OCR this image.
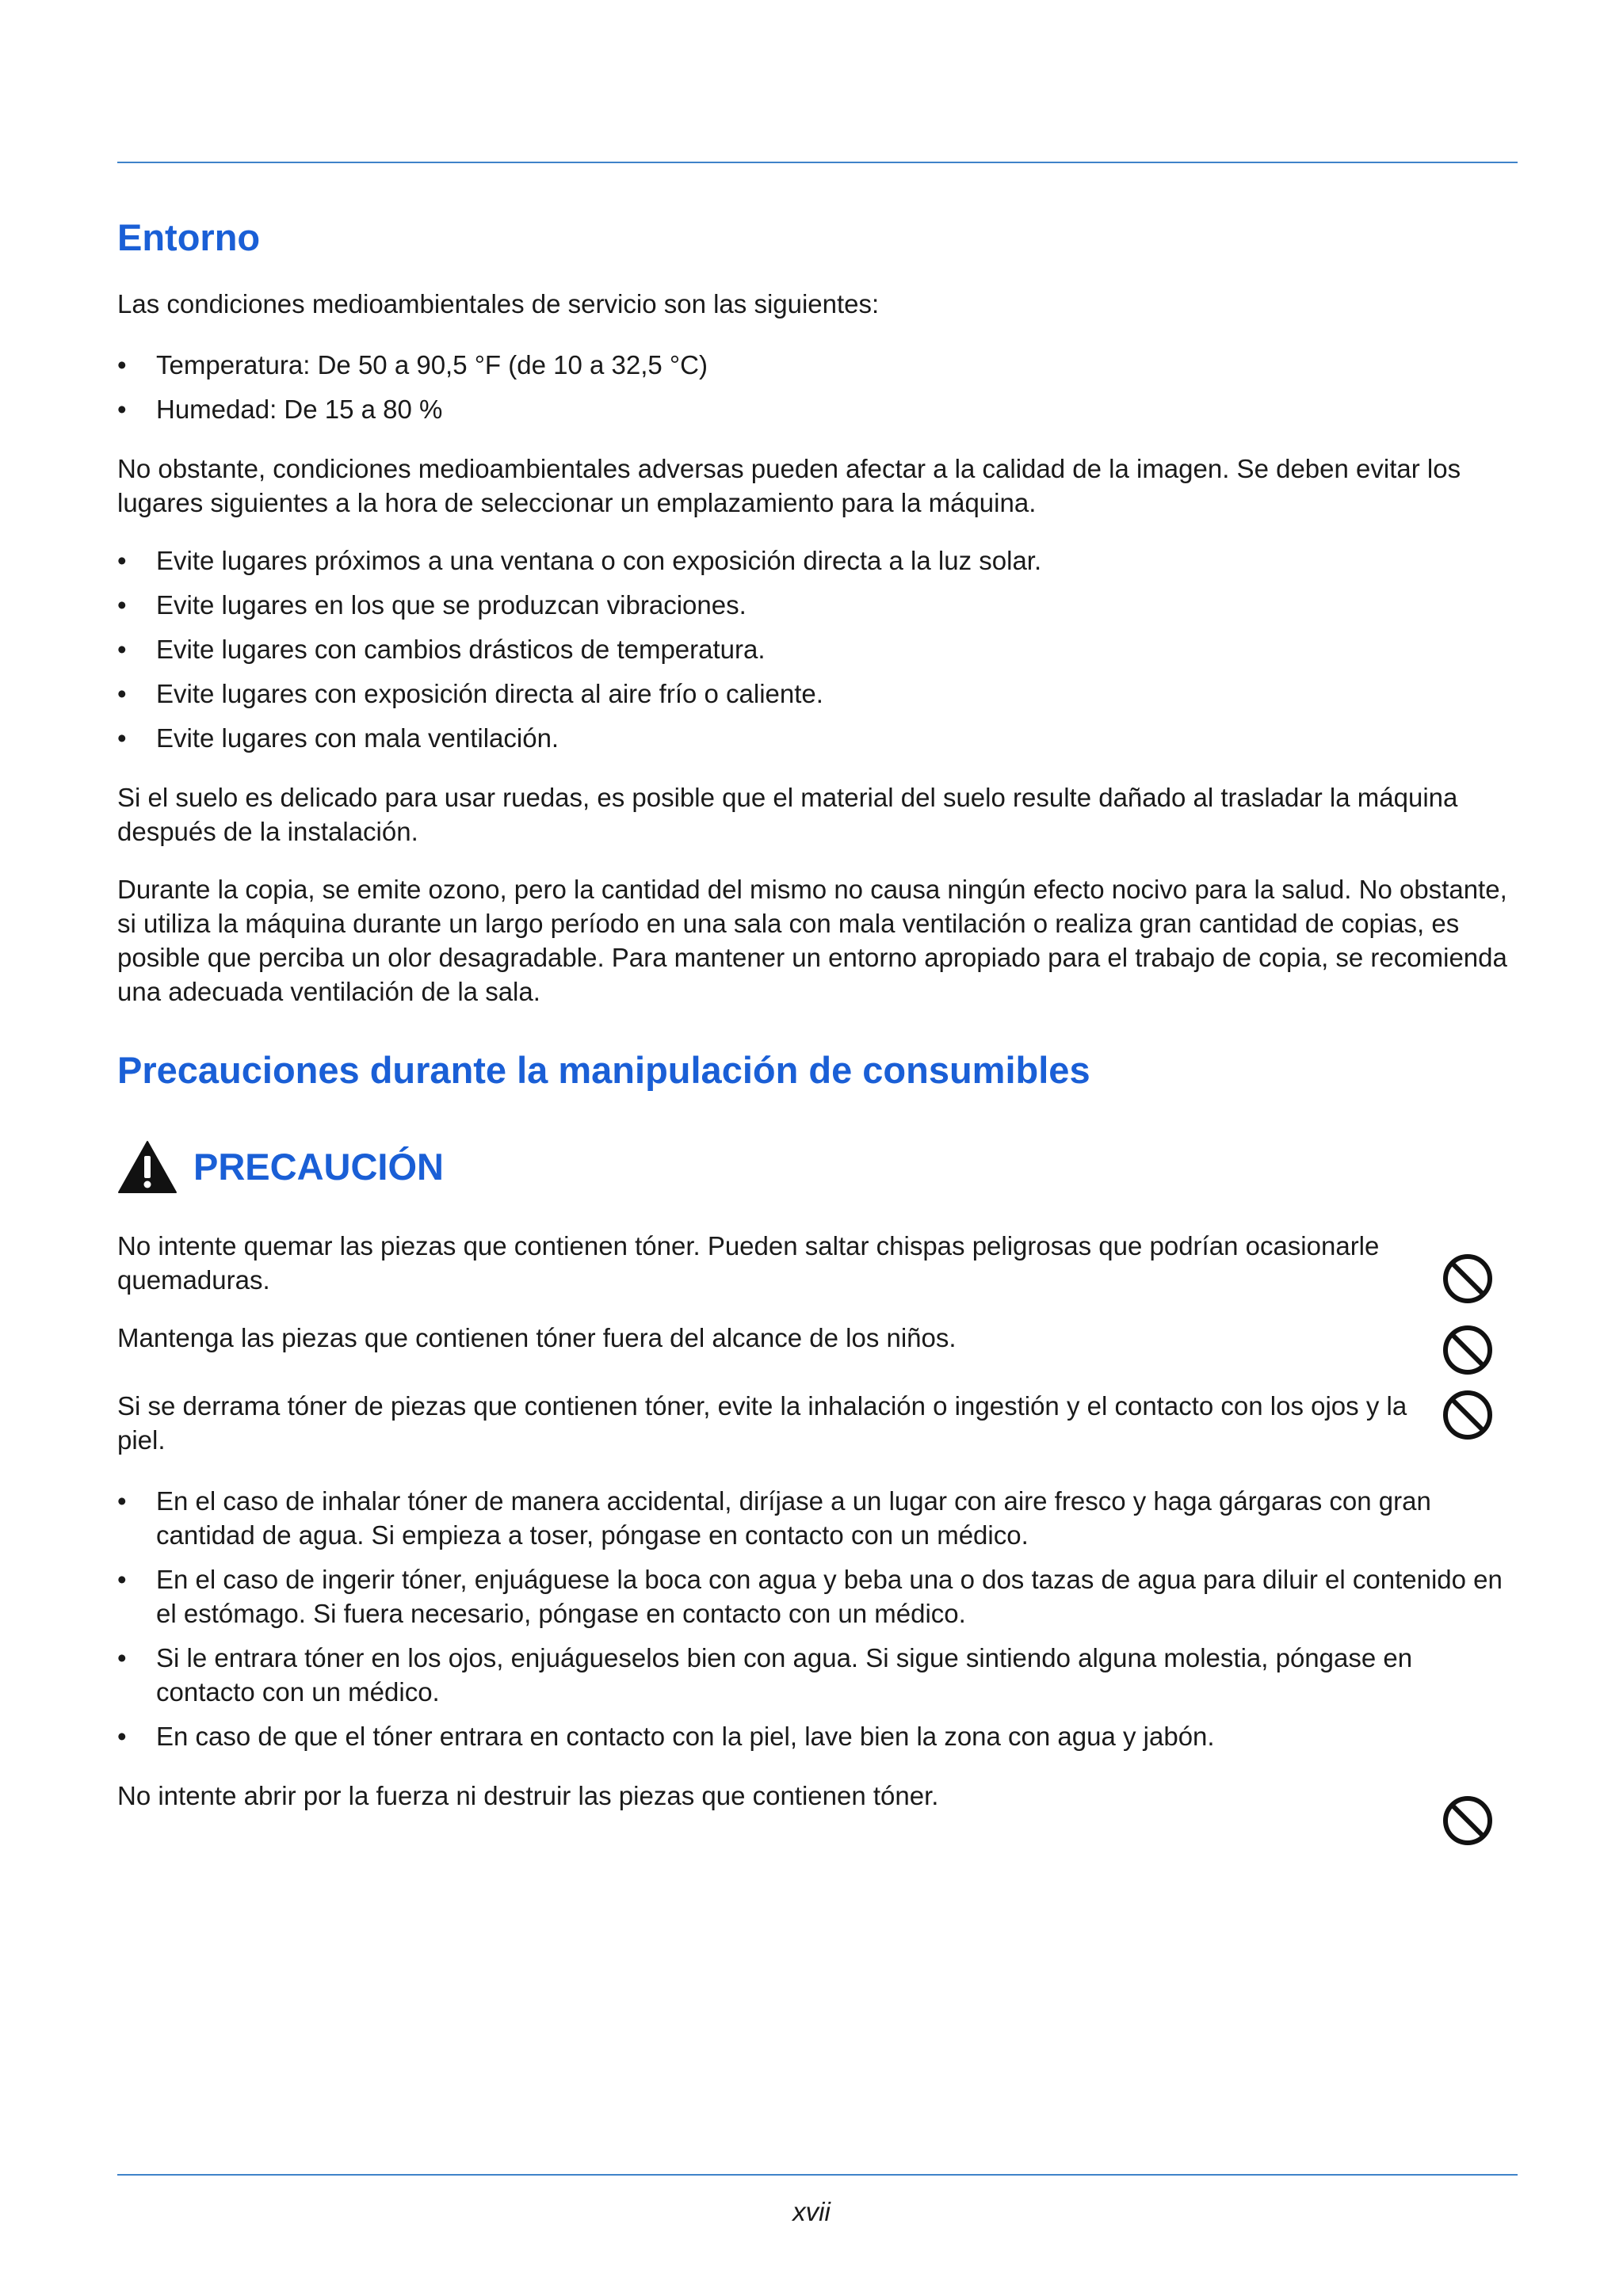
Entorno

Las condiciones medioambientales de servicio son las siguientes:

• Temperatura: De 50 a 90,5 °F (de 10 a 32,5 °C)
• Humedad: De 15 a 80 %

No obstante, condiciones medioambientales adversas pueden afectar a la calidad de la imagen. Se deben evitar los lugares siguientes a la hora de seleccionar un emplazamiento para la máquina.

• Evite lugares próximos a una ventana o con exposición directa a la luz solar.
• Evite lugares en los que se produzcan vibraciones.
• Evite lugares con cambios drásticos de temperatura.
• Evite lugares con exposición directa al aire frío o caliente.
• Evite lugares con mala ventilación.

Si el suelo es delicado para usar ruedas, es posible que el material del suelo resulte dañado al trasladar la máquina después de la instalación.

Durante la copia, se emite ozono, pero la cantidad del mismo no causa ningún efecto nocivo para la salud. No obstante, si utiliza la máquina durante un largo período en una sala con mala ventilación o realiza gran cantidad de copias, es posible que perciba un olor desagradable. Para mantener un entorno apropiado para el trabajo de copia, se recomienda una adecuada ventilación de la sala.

Precauciones durante la manipulación de consumibles
PRECAUCIÓN

No intente quemar las piezas que contienen tóner. Pueden saltar chispas peligrosas que podrían ocasionarle quemaduras.

Mantenga las piezas que contienen tóner fuera del alcance de los niños.

Si se derrama tóner de piezas que contienen tóner, evite la inhalación o ingestión y el contacto con los ojos y la piel.

• En el caso de inhalar tóner de manera accidental, diríjase a un lugar con aire fresco y haga gárgaras con gran cantidad de agua. Si empieza a toser, póngase en contacto con un médico.
• En el caso de ingerir tóner, enjuáguese la boca con agua y beba una o dos tazas de agua para diluir el contenido en el estómago. Si fuera necesario, póngase en contacto con un médico.
• Si le entrara tóner en los ojos, enjuágueselos bien con agua. Si sigue sintiendo alguna molestia, póngase en contacto con un médico.
• En caso de que el tóner entrara en contacto con la piel, lave bien la zona con agua y jabón.

No intente abrir por la fuerza ni destruir las piezas que contienen tóner.

xvii
